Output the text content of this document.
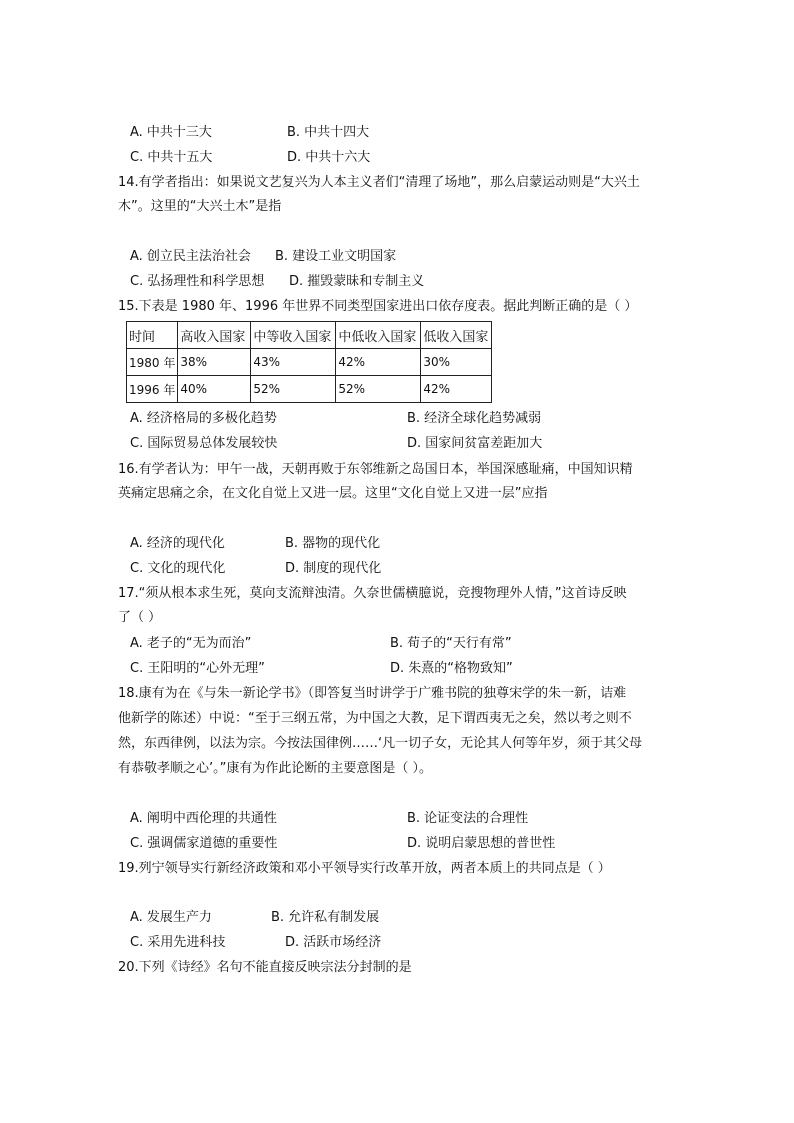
A. 中共十三大	B. 中共十四大
C. 中共十五大	D. 中共十六大
14.有学者指出：如果说文艺复兴为人本主义者们“清理了场地”，那么启蒙运动则是“大兴土
木”。这里的“大兴土木”是指
A. 创立民主法治社会 B. 建设工业文明国家
C. 弘扬理性和科学思想 D. 摧毁蒙昧和专制主义
15.下表是 1980 年、1996 年世界不同类型国家进出口依存度表。据此判断正确的是（ ）
时间	高收入国家	中等收入国家	中低收入国家	低收入国家
1980 年	38%	43%	42%	30%
1996 年	40%	52%	52%	42%
A. 经济格局的多极化趋势	B. 经济全球化趋势减弱
C. 国际贸易总体发展较快	D. 国家间贫富差距加大
16.有学者认为：甲午一战，天朝再败于东邻维新之岛国日本，举国深感耻痛，中国知识精
英痛定思痛之余，在文化自觉上又进一层。这里“文化自觉上又进一层”应指
A. 经济的现代化	B. 器物的现代化
C. 文化的现代化	D. 制度的现代化
17.“须从根本求生死，莫向支流辩浊清。久奈世儒横臆说，竞搜物理外人情，”这首诗反映
了（ ）
A. 老子的“无为而治”	B. 荀子的“天行有常”
C. 王阳明的“心外无理”	D. 朱熹的“格物致知”
18.康有为在《与朱一新论学书》（即答复当时讲学于广雅书院的独尊宋学的朱一新，诘难
他新学的陈述）中说：“至于三纲五常，为中国之大教，足下谓西夷无之矣，然以考之则不
然，东西律例，以法为宗。今按法国律例……‘凡一切子女，无论其人何等年岁，须于其父母
有恭敬孝顺之心’。”康有为作此论断的主要意图是（ ）。
A. 阐明中西伦理的共通性	B. 论证变法的合理性
C. 强调儒家道德的重要性	D. 说明启蒙思想的普世性
19.列宁领导实行新经济政策和邓小平领导实行改革开放，两者本质上的共同点是（ ）
A. 发展生产力	B. 允许私有制发展
C. 采用先进科技	D. 活跃市场经济
20.下列《诗经》名句不能直接反映宗法分封制的是
